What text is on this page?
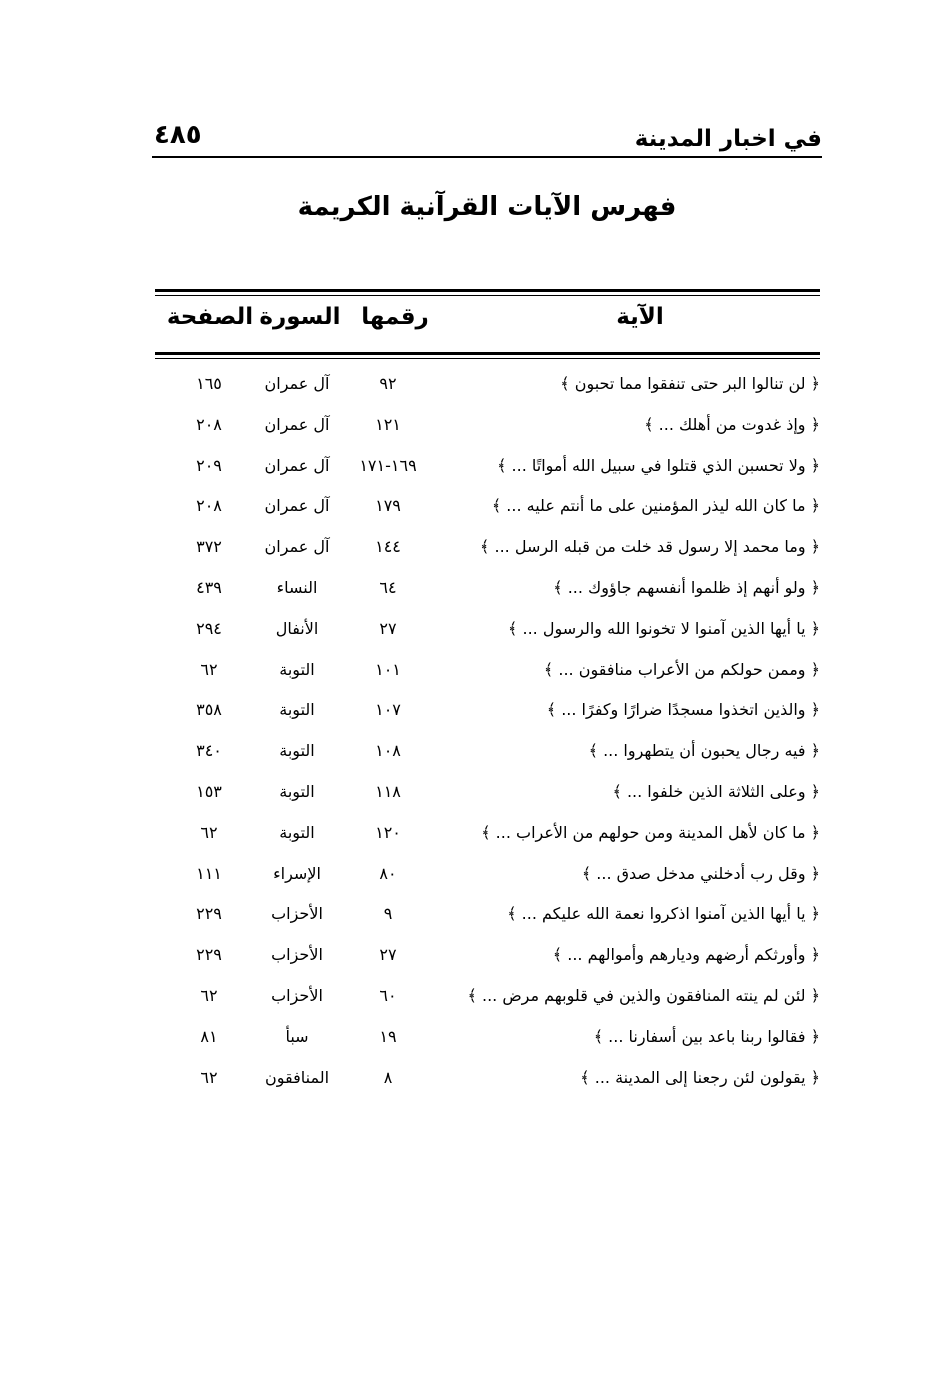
في اخبار المدينة
٤٨٥
فهرس الآيات القرآنية الكريمة
الآية
رقمها
السورة
الصفحة
﴿ لن تنالوا البر حتى تنفقوا مما تحبون ﴾
٩٢
آل عمران
١٦٥
﴿ وإذ غدوت من أهلك ... ﴾
١٢١
آل عمران
٢٠٨
﴿ ولا تحسبن الذي قتلوا في سبيل الله أمواتًا ... ﴾
١٦٩-١٧١
آل عمران
٢٠٩
﴿ ما كان الله ليذر المؤمنين على ما أنتم عليه ... ﴾
١٧٩
آل عمران
٢٠٨
﴿ وما محمد إلا رسول قد خلت من قبله الرسل ... ﴾
١٤٤
آل عمران
٣٧٢
﴿ ولو أنهم إذ ظلموا أنفسهم جاؤوك ... ﴾
٦٤
النساء
٤٣٩
﴿ يا أيها الذين آمنوا لا تخونوا الله والرسول ... ﴾
٢٧
الأنفال
٢٩٤
﴿ وممن حولكم من الأعراب منافقون ... ﴾
١٠١
التوبة
٦٢
﴿ والذين اتخذوا مسجدًا ضرارًا وكفرًا ... ﴾
١٠٧
التوبة
٣٥٨
﴿ فيه رجال يحبون أن يتطهروا ... ﴾
١٠٨
التوبة
٣٤٠
﴿ وعلى الثلاثة الذين خلفوا ... ﴾
١١٨
التوبة
١٥٣
﴿ ما كان لأهل المدينة ومن حولهم من الأعراب ... ﴾
١٢٠
التوبة
٦٢
﴿ وقل رب أدخلني مدخل صدق ... ﴾
٨٠
الإسراء
١١١
﴿ يا أيها الذين آمنوا اذكروا نعمة الله عليكم ... ﴾
٩
الأحزاب
٢٢٩
﴿ وأورثكم أرضهم وديارهم وأموالهم ... ﴾
٢٧
الأحزاب
٢٢٩
﴿ لئن لم ينته المنافقون والذين في قلوبهم مرض ... ﴾
٦٠
الأحزاب
٦٢
﴿ فقالوا ربنا باعد بين أسفارنا ... ﴾
١٩
سبأ
٨١
﴿ يقولون لئن رجعنا إلى المدينة ... ﴾
٨
المنافقون
٦٢
